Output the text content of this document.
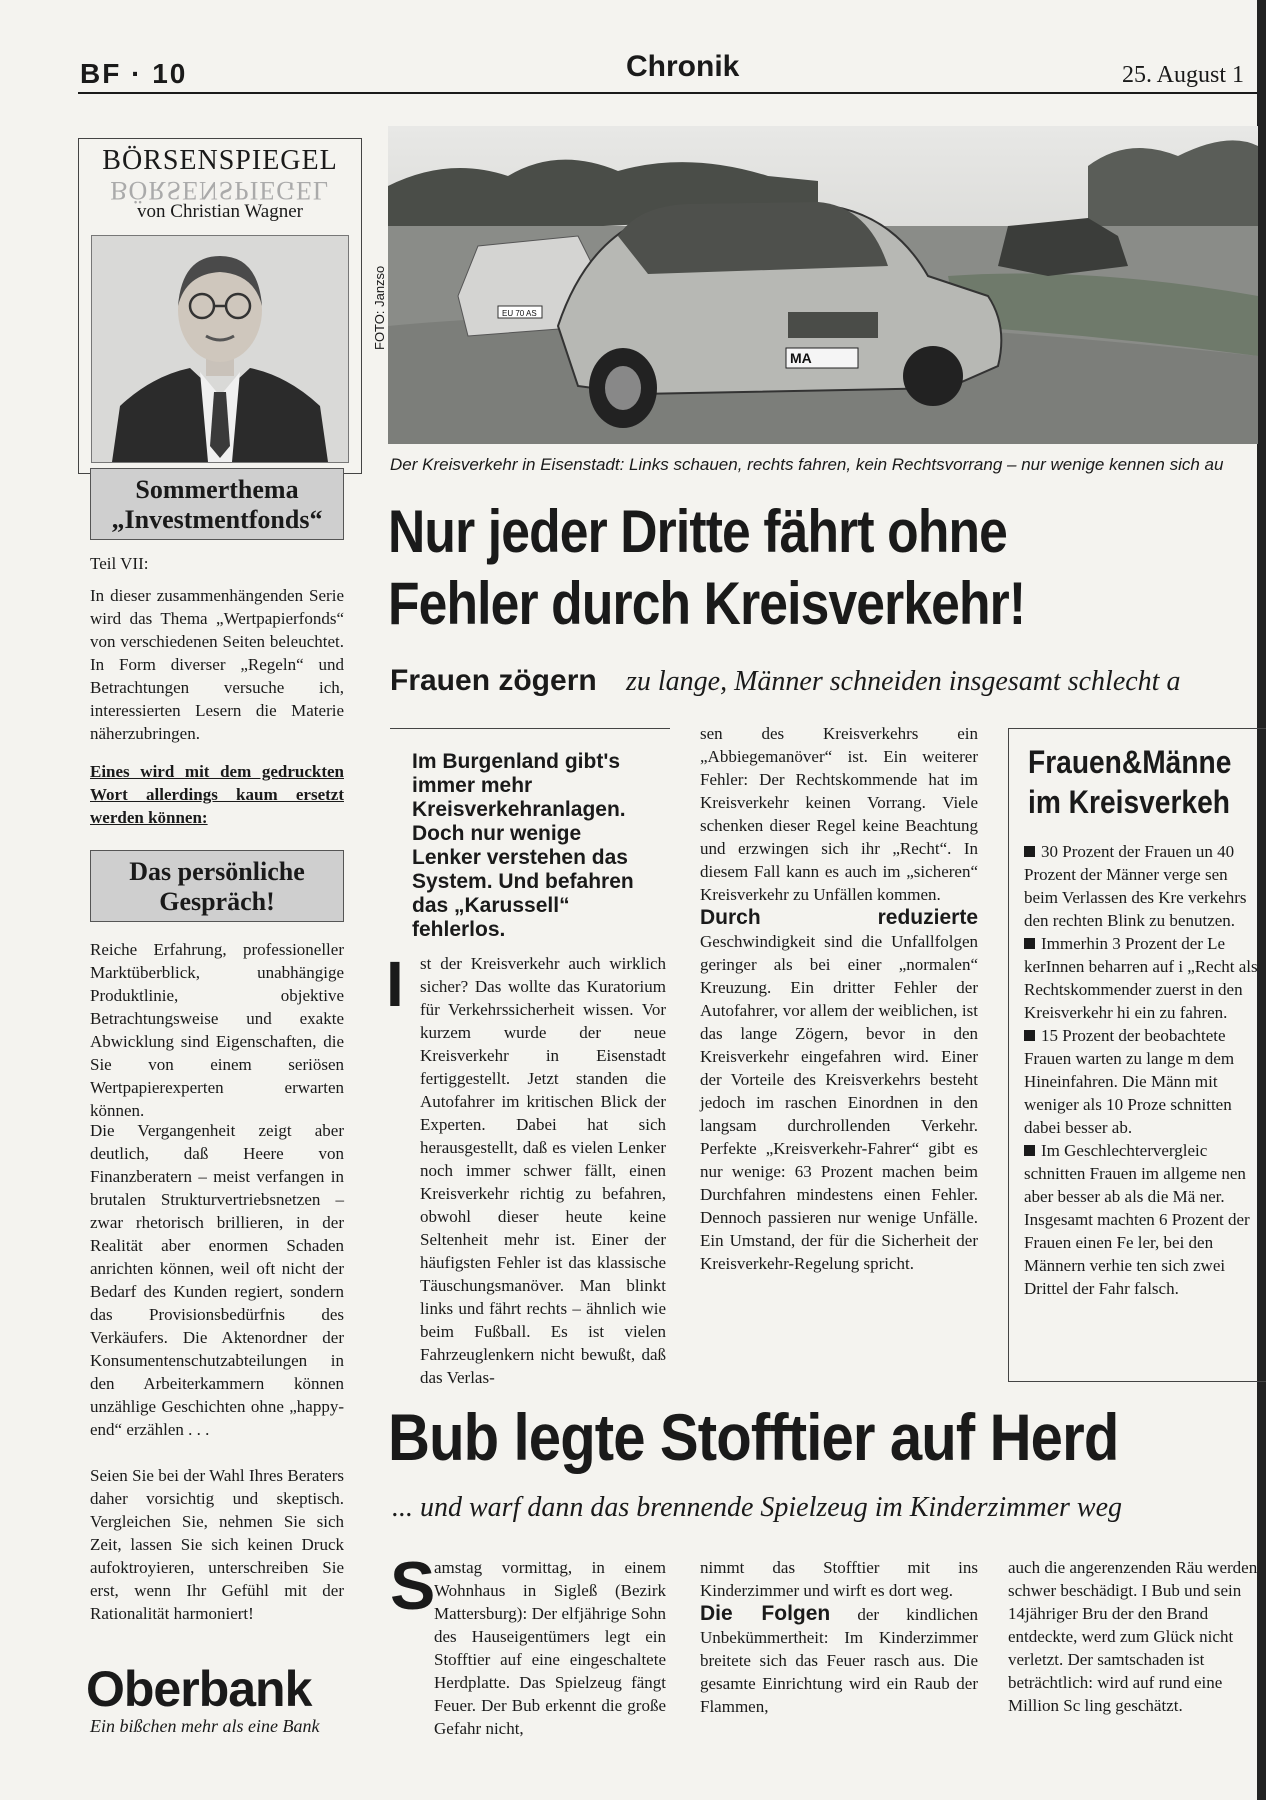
BF · 10	Chronik	25. August 1
BÖRSENSPIEGEL
BÖRSENSPIEGEL
von Christian Wagner
Sommerthema „Investmentfonds“
Teil VII:
In dieser zusammenhängenden Serie wird das Thema „Wertpapierfonds“ von verschiedenen Seiten beleuchtet. In Form diverser „Regeln“ und Betrachtungen versuche ich, interessierten Lesern die Materie näherzubringen.
Eines wird mit dem gedruckten Wort allerdings kaum ersetzt werden können:
Das persönliche Gespräch!
Reiche Erfahrung, professioneller Marktüberblick, unabhängige Produktlinie, objektive Betrachtungsweise und exakte Abwicklung sind Eigenschaften, die Sie von einem seriösen Wertpapierexperten erwarten können.
Die Vergangenheit zeigt aber deutlich, daß Heere von Finanzberatern – meist verfangen in brutalen Strukturvertriebsnetzen – zwar rhetorisch brillieren, in der Realität aber enormen Schaden anrichten können, weil oft nicht der Bedarf des Kunden regiert, sondern das Provisionsbedürfnis des Verkäufers. Die Aktenordner der Konsumentenschutzabteilungen in den Arbeiterkammern können unzählige Geschichten ohne „happy-end“ erzählen . . .
Seien Sie bei der Wahl Ihres Beraters daher vorsichtig und skeptisch. Vergleichen Sie, nehmen Sie sich Zeit, lassen Sie sich keinen Druck aufoktroyieren, unterschreiben Sie erst, wenn Ihr Gefühl mit der Rationalität harmoniert!
Oberbank
Ein bißchen mehr als eine Bank
MA
EU 70 AS
FOTO: Janzso
Der Kreisverkehr in Eisenstadt: Links schauen, rechts fahren, kein Rechtsvorrang – nur wenige kennen sich au
Nur jeder Dritte fährt ohne
Fehler durch Kreisverkehr!
Frauen zögern zu lange, Männer schneiden insgesamt schlecht a
Im Burgenland gibt's immer mehr Kreisverkehranlagen. Doch nur wenige Lenker verstehen das System. Und befahren das „Karussell“ fehlerlos.
I st der Kreisverkehr auch wirklich sicher? Das wollte das Kuratorium für Verkehrssicherheit wissen. Vor kurzem wurde der neue Kreisverkehr in Eisenstadt fertiggestellt. Jetzt standen die Autofahrer im kritischen Blick der Experten. Dabei hat sich herausgestellt, daß es vielen Lenker noch immer schwer fällt, einen Kreisverkehr richtig zu befahren, obwohl dieser heute keine Seltenheit mehr ist. Einer der häufigsten Fehler ist das klassische Täuschungsmanöver. Man blinkt links und fährt rechts – ähnlich wie beim Fußball. Es ist vielen Fahrzeuglenkern nicht bewußt, daß das Verlas-
sen des Kreisverkehrs ein „Abbiegemanöver“ ist. Ein weiterer Fehler: Der Rechtskommende hat im Kreisverkehr keinen Vorrang. Viele schenken dieser Regel keine Beachtung und erzwingen sich ihr „Recht“. In diesem Fall kann es auch im „sicheren“ Kreisverkehr zu Unfällen kommen.
Durch reduzierte Geschwindigkeit sind die Unfallfolgen geringer als bei einer „normalen“ Kreuzung. Ein dritter Fehler der Autofahrer, vor allem der weiblichen, ist das lange Zögern, bevor in den Kreisverkehr eingefahren wird. Einer der Vorteile des Kreisverkehrs besteht jedoch im raschen Einordnen in den langsam durchrollenden Verkehr. Perfekte „Kreisverkehr-Fahrer“ gibt es nur wenige: 63 Prozent machen beim Durchfahren mindestens einen Fehler. Dennoch passieren nur wenige Unfälle. Ein Umstand, der für die Sicherheit der Kreisverkehr-Regelung spricht.
Frauen&Männe
im Kreisverkeh
30 Prozent der Frauen un 40 Prozent der Männer verge sen beim Verlassen des Kre verkehrs den rechten Blink zu benutzen.
Immerhin 3 Prozent der Le kerInnen beharren auf i „Recht als Rechtskommender zuerst in den Kreisverkehr hi ein zu fahren.
15 Prozent der beobachtete Frauen warten zu lange m dem Hineinfahren. Die Männ mit weniger als 10 Proze schnitten dabei besser ab.
Im Geschlechtervergleic schnitten Frauen im allgeme nen aber besser ab als die Mä ner. Insgesamt machten 6 Prozent der Frauen einen Fe ler, bei den Männern verhie ten sich zwei Drittel der Fahr falsch.
Bub legte Stofftier auf Herd
... und warf dann das brennende Spielzeug im Kinderzimmer weg
S
amstag vormittag, in einem Wohnhaus in Sigleß (Bezirk Mattersburg): Der elfjährige Sohn des Hauseigentümers legt ein Stofftier auf eine eingeschaltete Herdplatte. Das Spielzeug fängt Feuer. Der Bub erkennt die große Gefahr nicht,
nimmt das Stofftier mit ins Kinderzimmer und wirft es dort weg.
Die Folgen der kindlichen Unbekümmertheit: Im Kinderzimmer breitete sich das Feuer rasch aus. Die gesamte Einrichtung wird ein Raub der Flammen,
auch die angerenzenden Räu werden schwer beschädigt. I Bub und sein 14jähriger Bru der den Brand entdeckte, werd zum Glück nicht verletzt. Der samtschaden ist beträchtlich: wird auf rund eine Million Sc ling geschätzt.
